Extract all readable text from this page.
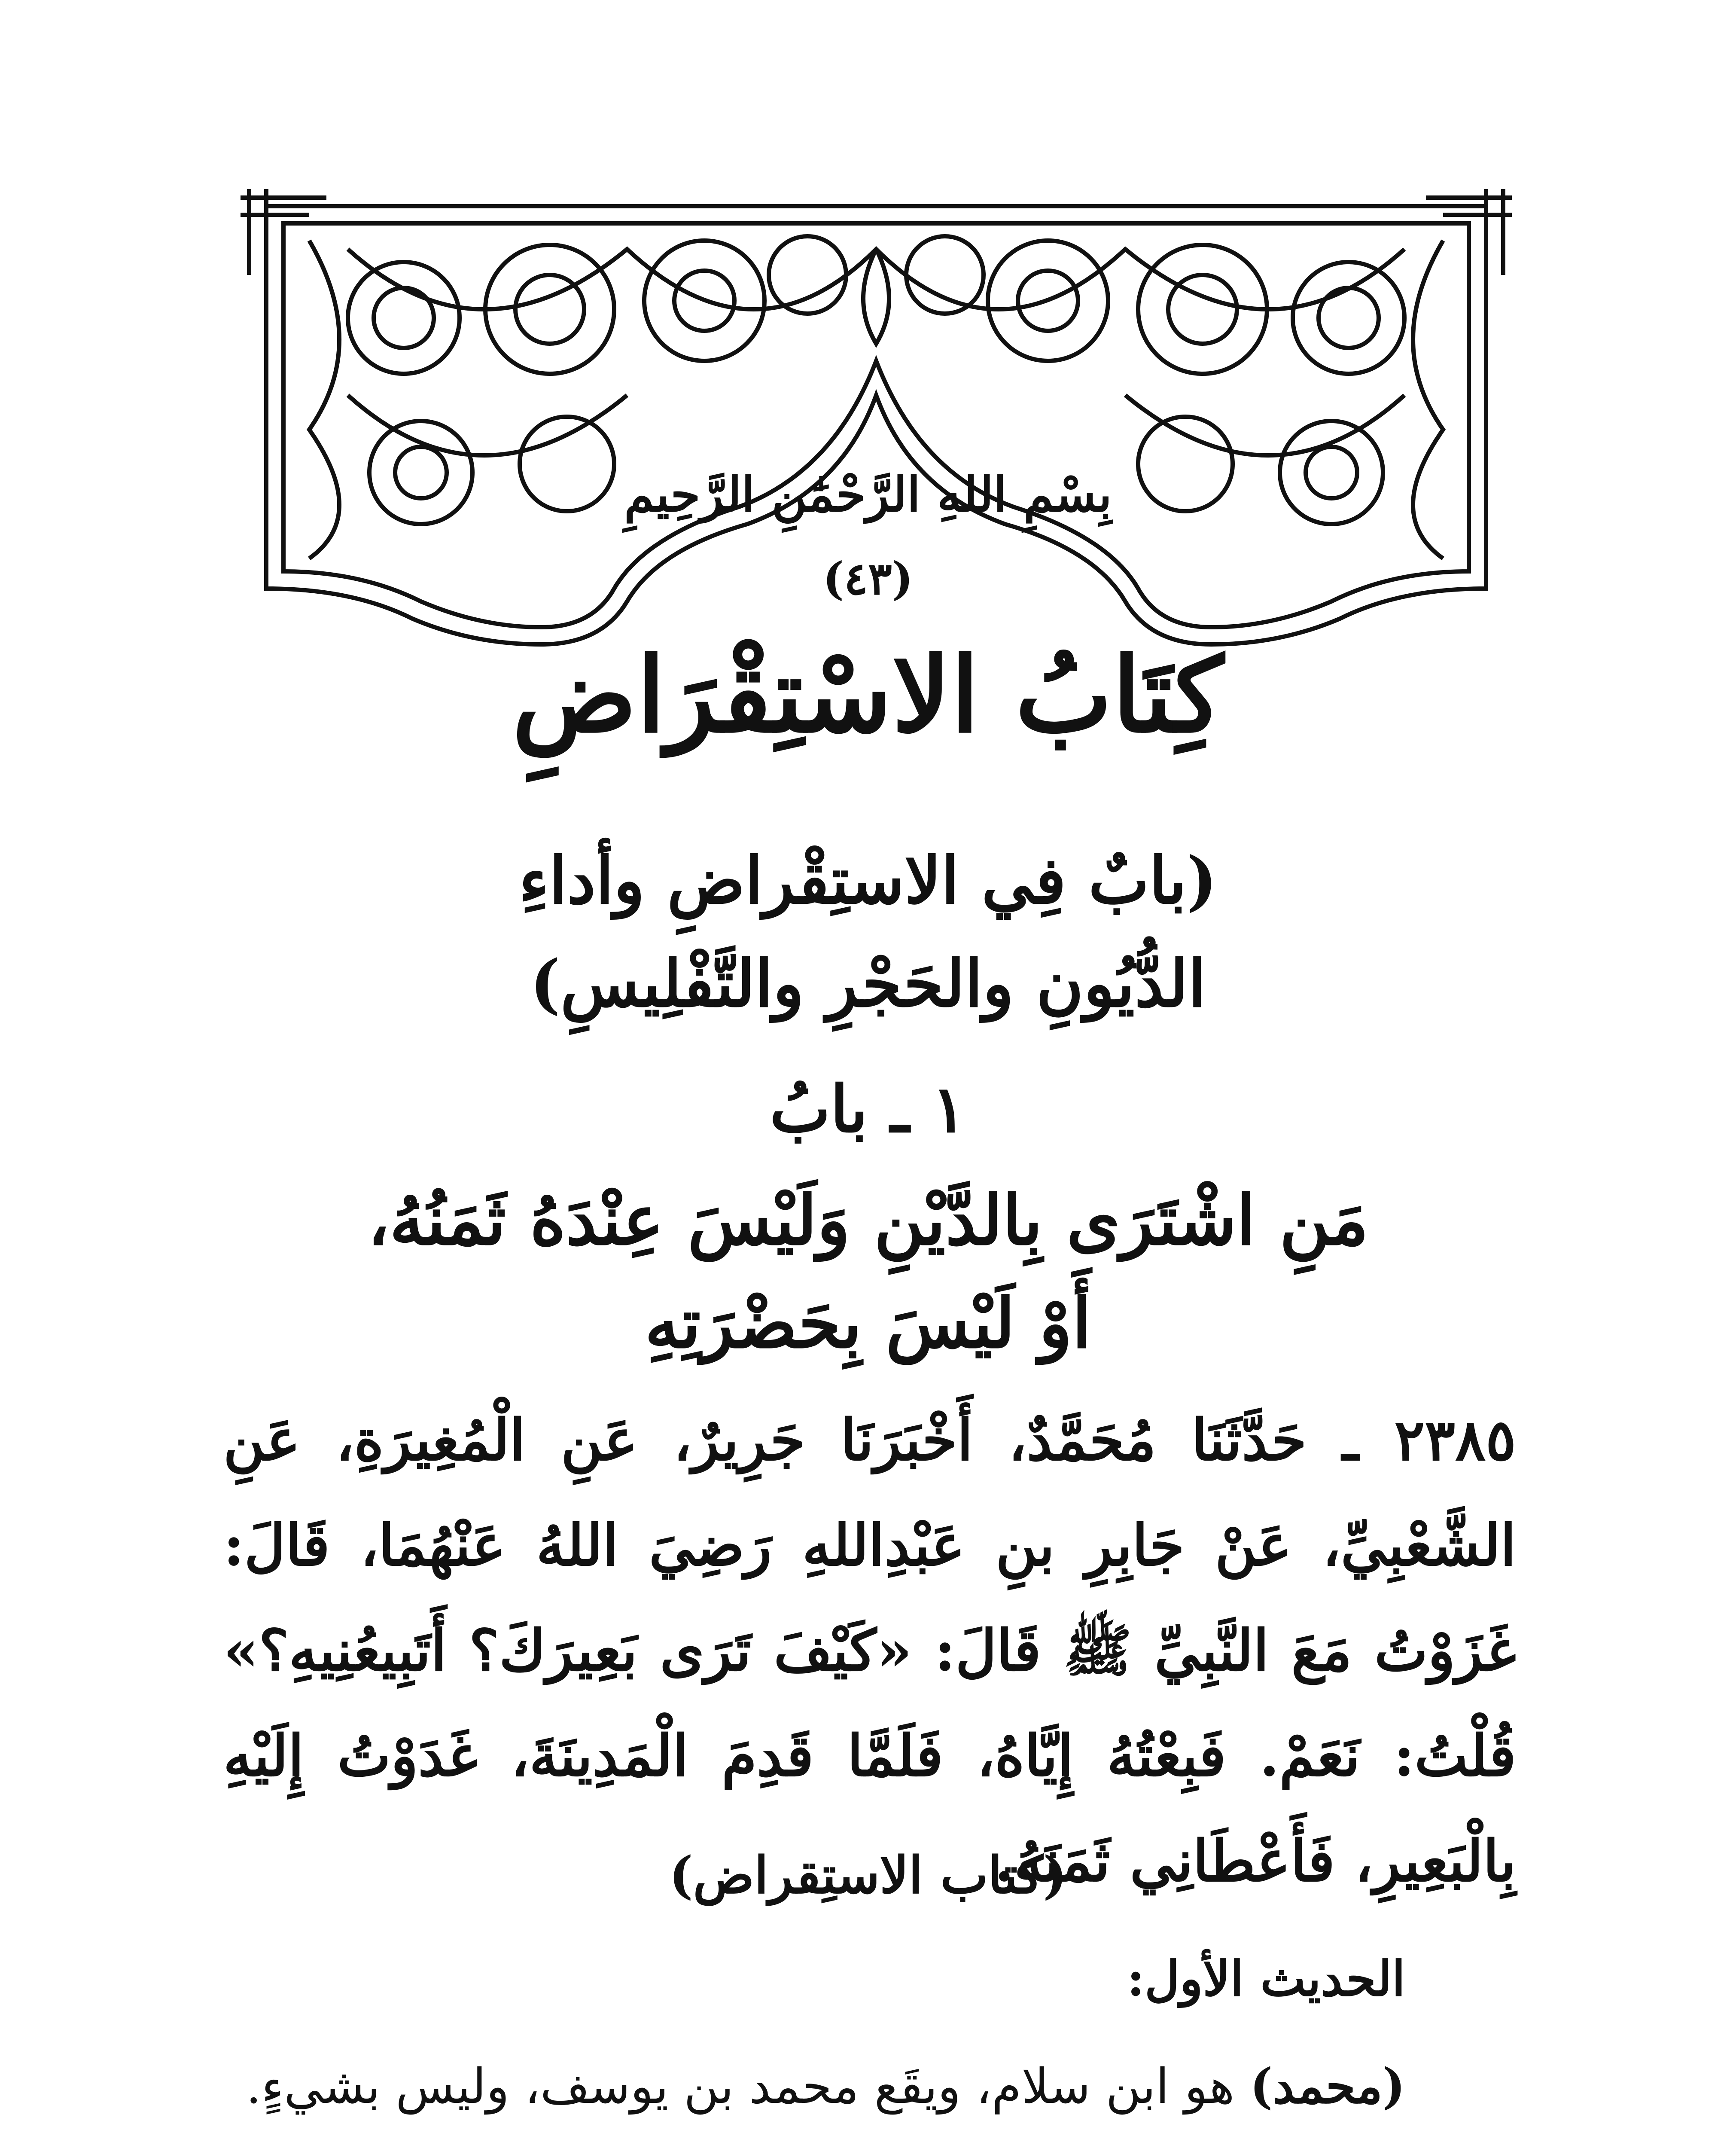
بِسْمِ اللهِ الرَّحْمَٰنِ الرَّحِيمِ
(٤٣)
كِتَابُ الاسْتِقْرَاضِ
(بابٌ فِي الاستِقْراضِ وأداءِ
الدُّيُونِ والحَجْرِ والتَّفْلِيسِ)
١ ـ بابُ
مَنِ اشْتَرَى بِالدَّيْنِ وَلَيْسَ عِنْدَهُ ثَمَنُهُ،
أَوْ لَيْسَ بِحَضْرَتِهِ
٢٣٨٥ ـ حَدَّثَنَا مُحَمَّدٌ، أَخْبَرَنَا جَرِيرٌ، عَنِ الْمُغِيرَةِ، عَنِ الشَّعْبِيِّ، عَنْ جَابِرِ بنِ عَبْدِاللهِ رَضِيَ اللهُ عَنْهُمَا، قَالَ: غَزَوْتُ مَعَ النَّبِيِّ ﷺ قَالَ: «كَيْفَ تَرَى بَعِيرَكَ؟ أَتَبِيعُنِيهِ؟» قُلْتُ: نَعَمْ. فَبِعْتُهُ إِيَّاهُ، فَلَمَّا قَدِمَ الْمَدِينَةَ، غَدَوْتُ إِلَيْهِ بِالْبَعِيرِ، فَأَعْطَانِي ثَمَنَهُ.
(كتاب الاستِقراض)
الحديث الأول:
(محمد) هو ابن سلام، ويقَع محمد بن يوسف، وليس بشيءٍ.
